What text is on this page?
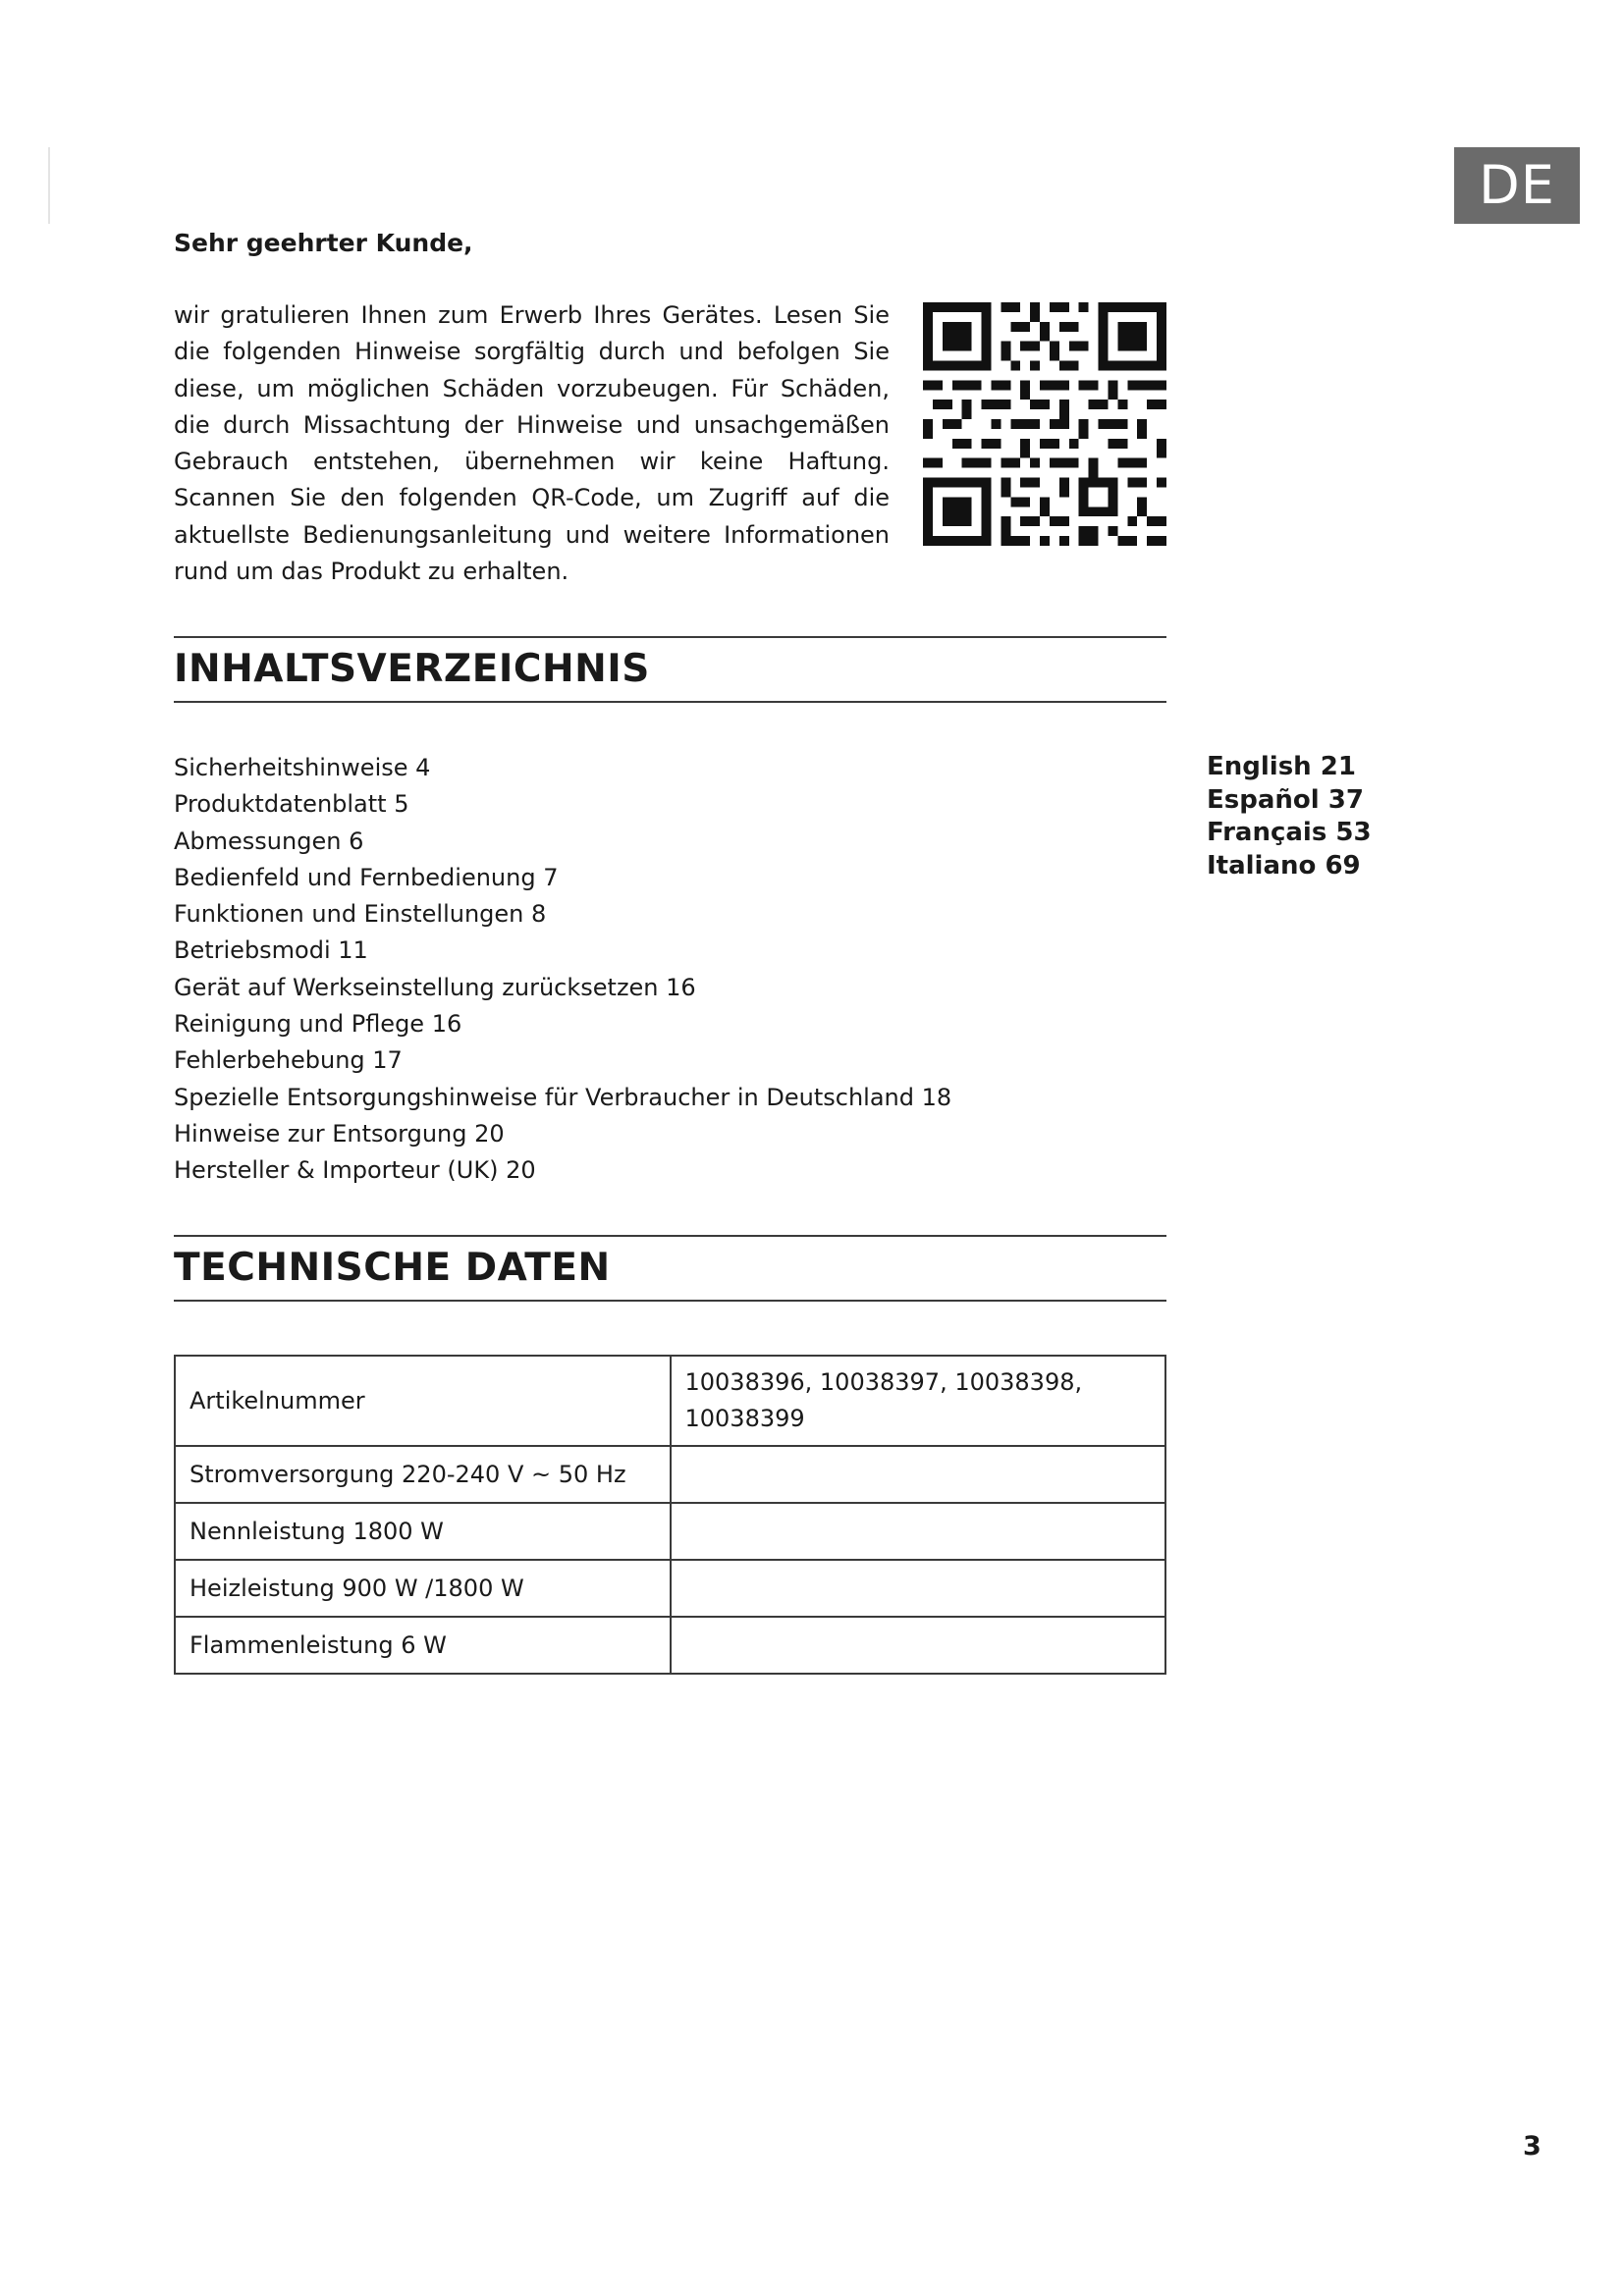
DE
Sehr geehrter Kunde,

wir gratulieren Ihnen zum Erwerb Ihres Gerätes. Lesen Sie die folgenden Hinweise sorgfältig durch und befolgen Sie diese, um möglichen Schäden vorzubeugen. Für Schäden, die durch Missachtung der Hinweise und unsachgemäßen Gebrauch entstehen, übernehmen wir keine Haftung. Scannen Sie den folgenden QR-Code, um Zugriff auf die aktuellste Bedienungsanleitung und weitere Informationen rund um das Produkt zu erhalten.

INHALTSVERZEICHNIS
Sicherheitshinweise 4
Produktdatenblatt 5
Abmessungen 6
Bedienfeld und Fernbedienung 7
Funktionen und Einstellungen 8
Betriebsmodi 11
Gerät auf Werkseinstellung zurücksetzen 16
Reinigung und Pflege 16
Fehlerbehebung 17
Spezielle Entsorgungshinweise für Verbraucher in Deutschland 18
Hinweise zur Entsorgung 20
Hersteller & Importeur (UK) 20
English 21
Español 37
Français 53
Italiano 69
TECHNISCHE DATEN
Artikelnummer	10038396, 10038397, 10038398, 10038399
Stromversorgung 220-240 V ~ 50 Hz	
Nennleistung 1800 W	
Heizleistung 900 W /1800 W	
Flammenleistung 6 W	
3
